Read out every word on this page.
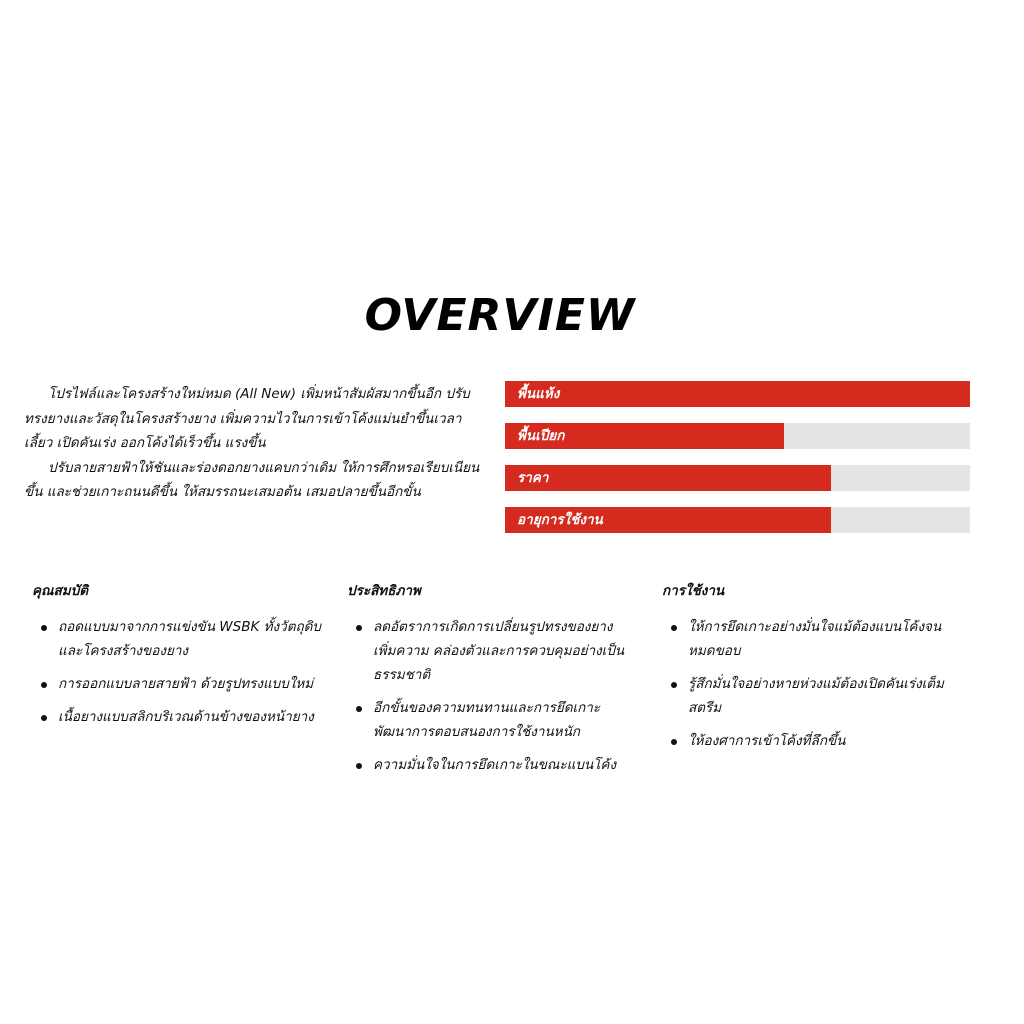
OVERVIEW

โปรไฟล์และโครงสร้างใหม่หมด (All New) เพิ่มหน้าสัมผัสมากขึ้นอีก ปรับทรงยางและวัสดุในโครงสร้างยาง เพิ่มความไวในการเข้าโค้งแม่นยำขึ้นเวลาเลี้ยว เปิดคันเร่ง ออกโค้งได้เร็วขึ้น แรงขึ้น

ปรับลายสายฟ้าให้ชันและร่องดอกยางแคบกว่าเดิม ให้การศึกหรอเรียบเนียนขึ้น และช่วยเกาะถนนดีขึ้น ให้สมรรถนะเสมอต้น เสมอปลายขึ้นอีกขั้น

พื้นแห้ง
พื้นเปียก
ราคา
อายุการใช้งาน
คุณสมบัติ
ถอดแบบมาจากการแข่งขัน WSBK ทั้งวัตถุดิบและโครงสร้างของยาง
การออกแบบลายสายฟ้า ด้วยรูปทรงแบบใหม่
เนื้อยางแบบสลิกบริเวณด้านข้างของหน้ายาง
ประสิทธิภาพ
ลดอัตราการเกิดการเปลี่ยนรูปทรงของยาง เพิ่มความ คล่องตัวและการควบคุมอย่างเป็นธรรมชาติ
อีกขั้นของความทนทานและการยึดเกาะ พัฒนาการตอบสนองการใช้งานหนัก
ความมั่นใจในการยึดเกาะในขณะแบนโค้ง
การใช้งาน
ให้การยึดเกาะอย่างมั่นใจแม้ต้องแบนโค้งจนหมดขอบ
รู้สึกมั่นใจอย่างหายห่วงแม้ต้องเปิดคันเร่งเต็มสตรีม
ให้องศาการเข้าโค้งที่ลึกขึ้น
